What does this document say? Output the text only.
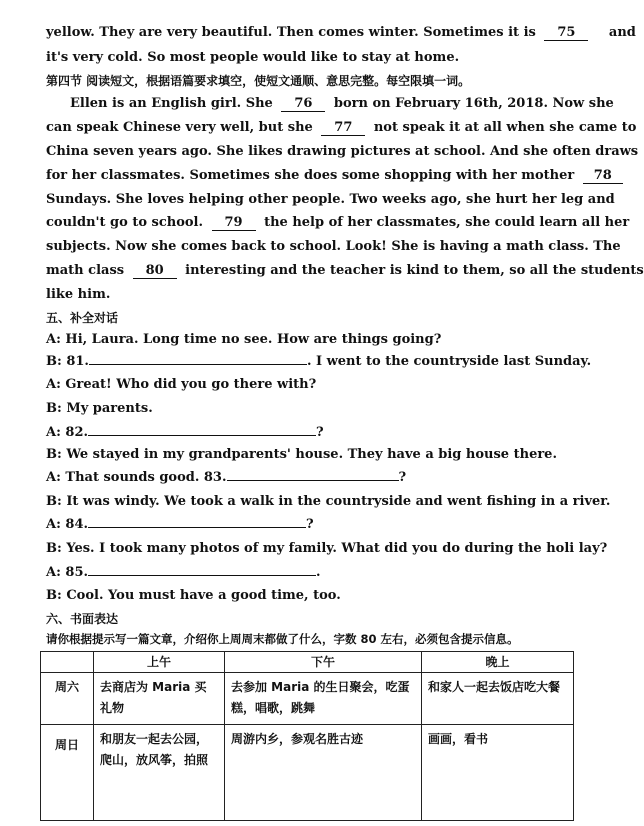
yellow. They are very beautiful. Then comes winter. Sometimes it is 75	and
it's very cold. So most people would like to stay at home.
第四节 阅读短文，根据语篇要求填空，使短文通顺、意思完整。每空限填一词。
Ellen is an English girl. She 76 born on February 16th, 2018. Now she
can speak Chinese very well, but she 77 not speak it at all when she came to
China seven years ago. She likes drawing pictures at school. And she often draws
for her classmates. Sometimes she does some shopping with her mother 78
Sundays. She loves helping other people. Two weeks ago, she hurt her leg and
couldn't go to school. 79 the help of her classmates, she could learn all her
subjects. Now she comes back to school. Look! She is having a math class. The
math class 80 interesting and the teacher is kind to them, so all the students
like him.
五、补全对话
A: Hi, Laura. Long time no see. How are things going?
B: 81.	. I went to the countryside last Sunday.
A: Great! Who did you go there with?
B: My parents.
A: 82.	?
B: We stayed in my grandparents' house. They have a big house there.
A: That sounds good. 83.	?
B: It was windy. We took a walk in the countryside and went fishing in a river.
A: 84.	?
B: Yes. I took many photos of my family. What did you do during the holi lay?
A: 85.	.
B: Cool. You must have a good time, too.
六、书面表达
请你根据提示写一篇文章，介绍你上周周末都做了什么，字数 80 左右，必须包含提示信息。
	上午	下午	晚上
周六	去商店为 Maria 买礼物	去参加 Maria 的生日聚会，吃蛋糕，唱歌，跳舞	和家人一起去饭店吃大餐
周日	和朋友一起去公园，爬山，放风筝，拍照	周游内乡，参观名胜古迹	画画，看书
